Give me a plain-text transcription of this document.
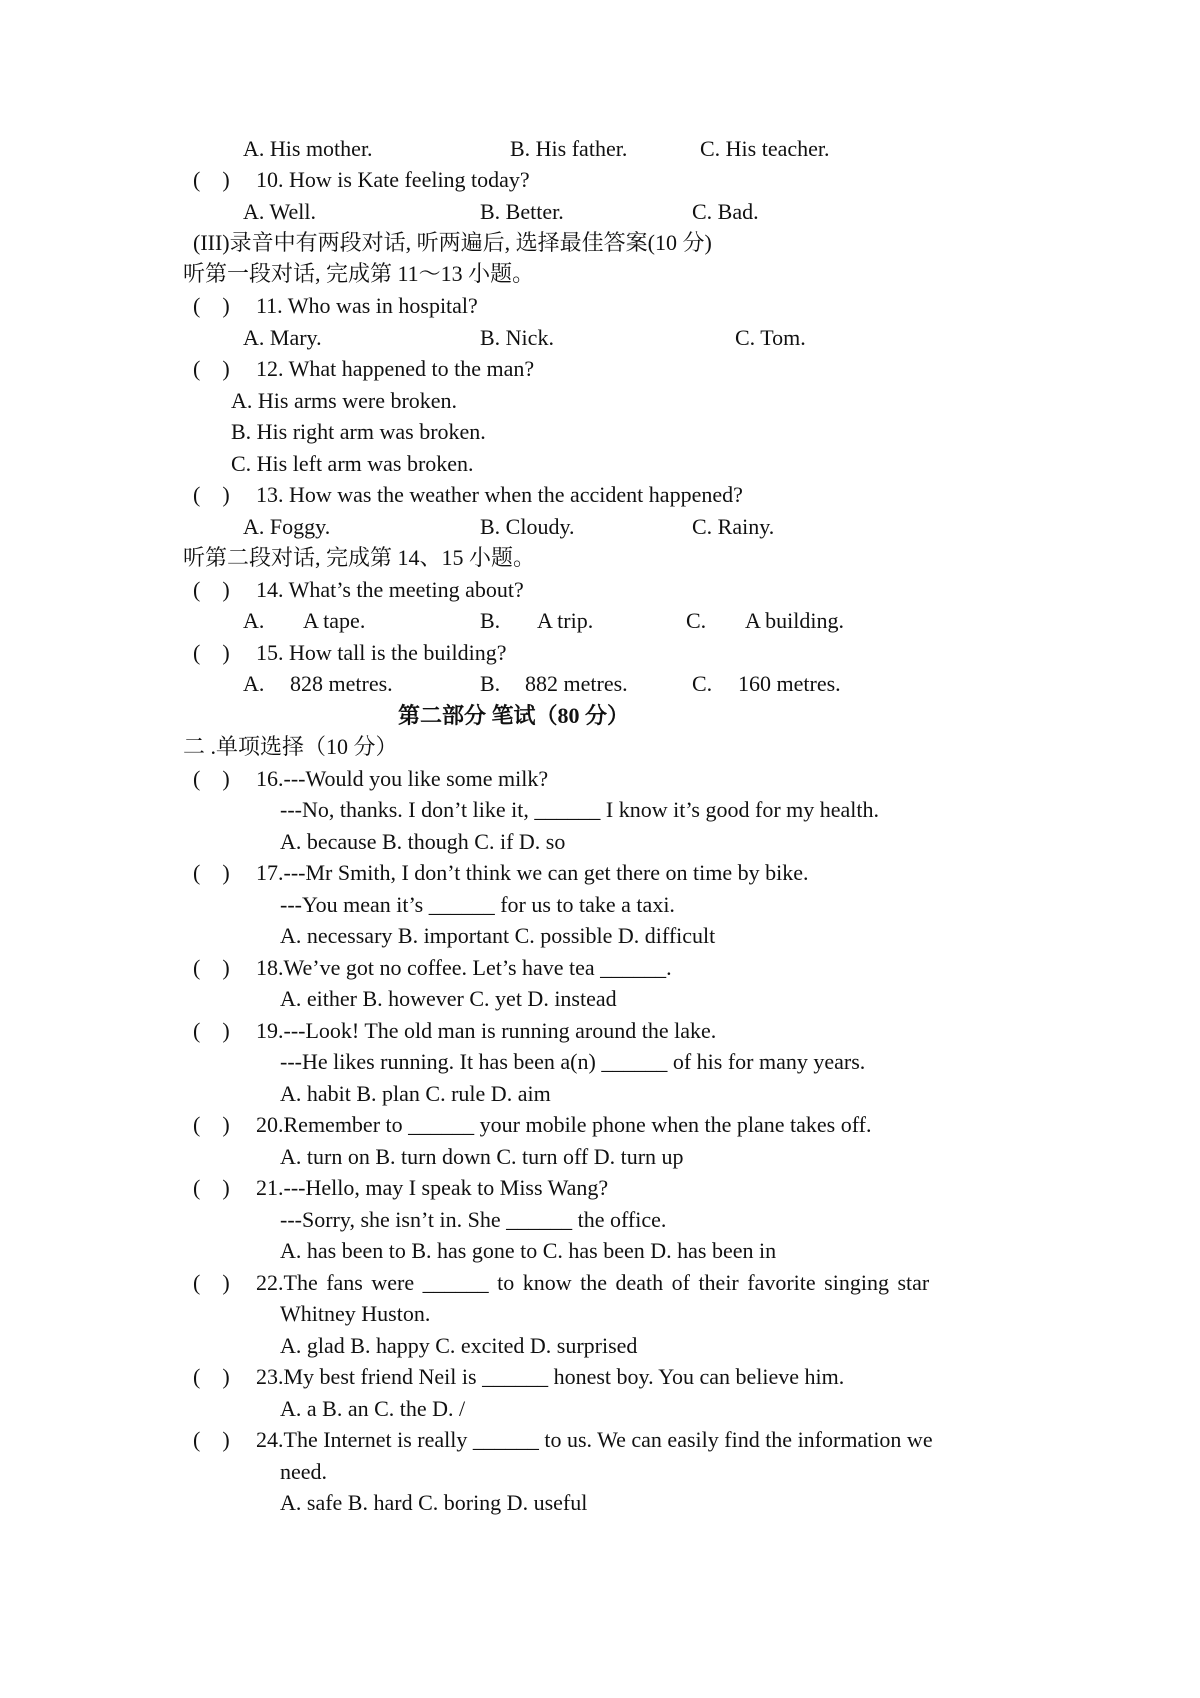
A. His mother.	B. His father.	C. His teacher.
(    ) 10. How is Kate feeling today?
A. Well.	B. Better.	C. Bad.
(III)录音中有两段对话, 听两遍后, 选择最佳答案(10 分)
听第一段对话, 完成第 11～13 小题。
(    ) 11. Who was in hospital?
A. Mary.	B. Nick.	C. Tom.
(    ) 12. What happened to the man?
A. His arms were broken.
B. His right arm was broken.
C. His left arm was broken.
(    ) 13. How was the weather when the accident happened?
A. Foggy.	B. Cloudy.	C. Rainy.
听第二段对话, 完成第 14、15 小题。
(    ) 14. What’s the meeting about?
A. A tape.	B. A trip.	C. A building.
(    ) 15. How tall is the building?
A. 828 metres.	B. 882 metres.	C. 160 metres.
第二部分 笔试（80 分）
二 .单项选择（10 分）
(    ) 16.---Would you like some milk?
---No, thanks. I don’t like it, ______ I know it’s good for my health.
A. because B. though C. if D. so
(    ) 17.---Mr Smith, I don’t think we can get there on time by bike.
---You mean it’s ______ for us to take a taxi.
A. necessary B. important C. possible D. difficult
(    ) 18.We’ve got no coffee. Let’s have tea ______.
A. either B. however C. yet D. instead
(    ) 19.---Look! The old man is running around the lake.
---He likes running. It has been a(n) ______ of his for many years.
A. habit B. plan C. rule D. aim
(    ) 20.Remember to ______ your mobile phone when the plane takes off.
A. turn on B. turn down C. turn off D. turn up
(    ) 21.---Hello, may I speak to Miss Wang?
---Sorry, she isn’t in. She ______ the office.
A. has been to B. has gone to C. has been D. has been in
(    ) 22.The fans were ______ to know the death of their favorite singing star
Whitney Huston.
A. glad B. happy C. excited D. surprised
(    ) 23.My best friend Neil is ______ honest boy. You can believe him.
A. a B. an C. the D. /
(    ) 24.The Internet is really ______ to us. We can easily find the information we
need.
A. safe B. hard C. boring D. useful
